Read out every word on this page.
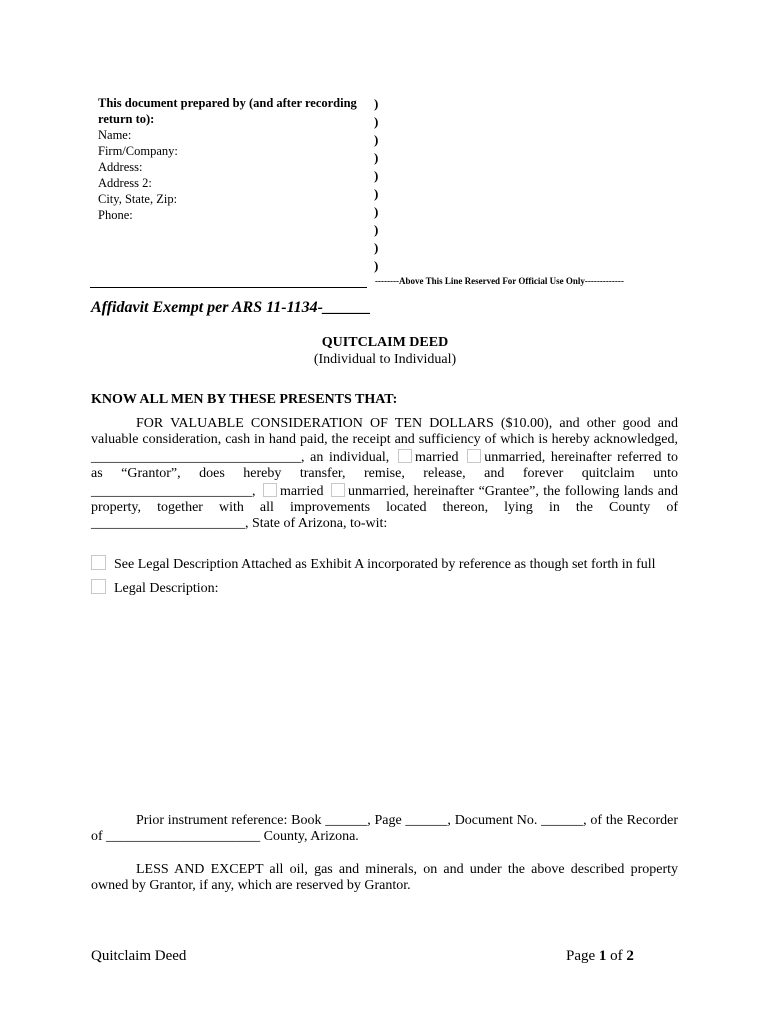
This document prepared by (and after recording return to):
Name:
Firm/Company:
Address:
Address 2:
City, State, Zip:
Phone:
)
)
)
)
)
)
)
)
)
)
--------Above This Line Reserved For Official Use Only-------------
Affidavit Exempt per ARS 11-1134-______
QUITCLAIM DEED
(Individual to Individual)
KNOW ALL MEN BY THESE PRESENTS THAT:
FOR VALUABLE CONSIDERATION OF TEN DOLLARS ($10.00), and other good and valuable consideration, cash in hand paid, the receipt and sufficiency of which is hereby acknowledged, ______________________________, an individual, married unmarried, hereinafter referred to as “Grantor”, does hereby transfer, remise, release, and forever quitclaim unto _______________________, married unmarried, hereinafter “Grantee”, the following lands and property, together with all improvements located thereon, lying in the County of ______________________, State of Arizona, to-wit:
See Legal Description Attached as Exhibit A incorporated by reference as though set forth in full
Legal Description:
Prior instrument reference: Book ______, Page ______, Document No. ______, of the Recorder of ______________________ County, Arizona.
LESS AND EXCEPT all oil, gas and minerals, on and under the above described property owned by Grantor, if any, which are reserved by Grantor.
Quitclaim Deed	Page 1 of 2
